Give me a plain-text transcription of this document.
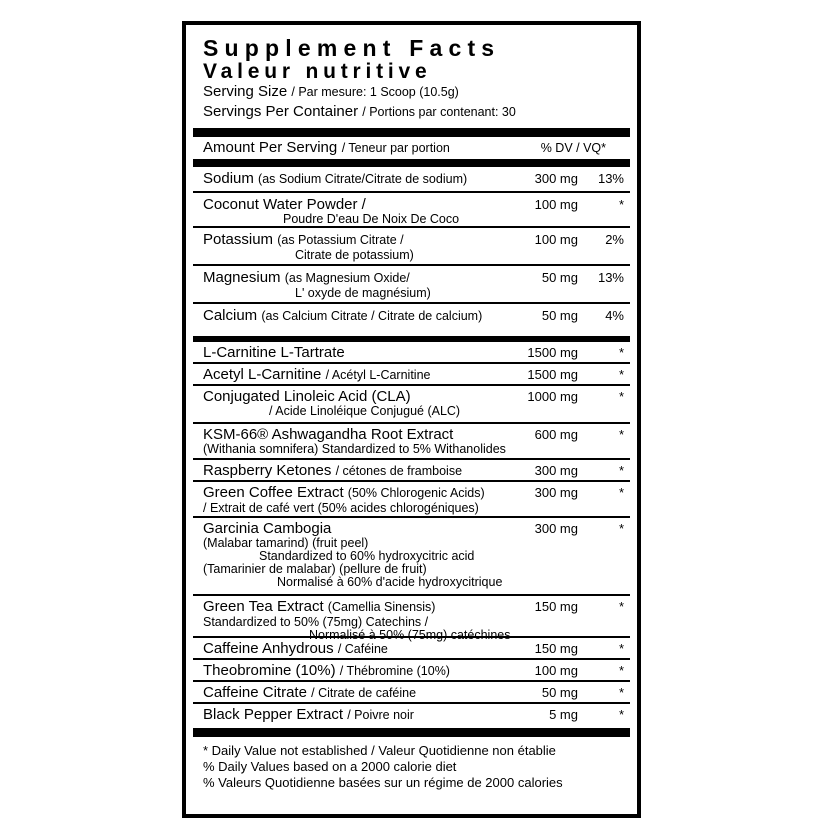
Supplement Facts
Valeur nutritive
Serving Size / Par mesure: 1 Scoop (10.5g)
Servings Per Container / Portions par contenant: 30
Amount Per Serving / Teneur par portion	% DV / VQ*
Sodium (as Sodium Citrate/Citrate de sodium)	300 mg 13%
Coconut Water Powder /
Poudre D'eau De Noix De Coco
100 mg	*
Potassium (as Potassium Citrate /
Citrate de potassium)
100 mg 2%
Magnesium (as Magnesium Oxide/
L' oxyde de magnésium)
50 mg 13%
Calcium (as Calcium Citrate / Citrate de calcium)	50 mg 4%
L-Carnitine L-Tartrate	1500 mg	*
Acetyl L-Carnitine / Acétyl L-Carnitine	1500 mg	*
Conjugated Linoleic Acid (CLA)
/ Acide Linoléique Conjugué (ALC)
1000 mg	*
KSM-66® Ashwagandha Root Extract
(Withania somnifera) Standardized to 5% Withanolides
600 mg	*
Raspberry Ketones / cétones de framboise	300 mg	*
Green Coffee Extract (50% Chlorogenic Acids)
/ Extrait de café vert (50% acides chlorogéniques)
300 mg	*
Garcinia Cambogia
(Malabar tamarind) (fruit peel)
Standardized to 60% hydroxycitric acid
(Tamarinier de malabar) (pellure de fruit)
Normalisé à 60% d'acide hydroxycitrique
300 mg	*
Green Tea Extract (Camellia Sinensis)
Standardized to 50% (75mg) Catechins /
Normalisé à 50% (75mg) catéchines
150 mg	*
Caffeine Anhydrous / Caféine	150 mg	*
Theobromine (10%) / Thébromine (10%)	100 mg	*
Caffeine Citrate / Citrate de caféine	50 mg	*
Black Pepper Extract / Poivre noir	5 mg	*
* Daily Value not established / Valeur Quotidienne non établie
% Daily Values based on a 2000 calorie diet
% Valeurs Quotidienne basées sur un régime de 2000 calories
